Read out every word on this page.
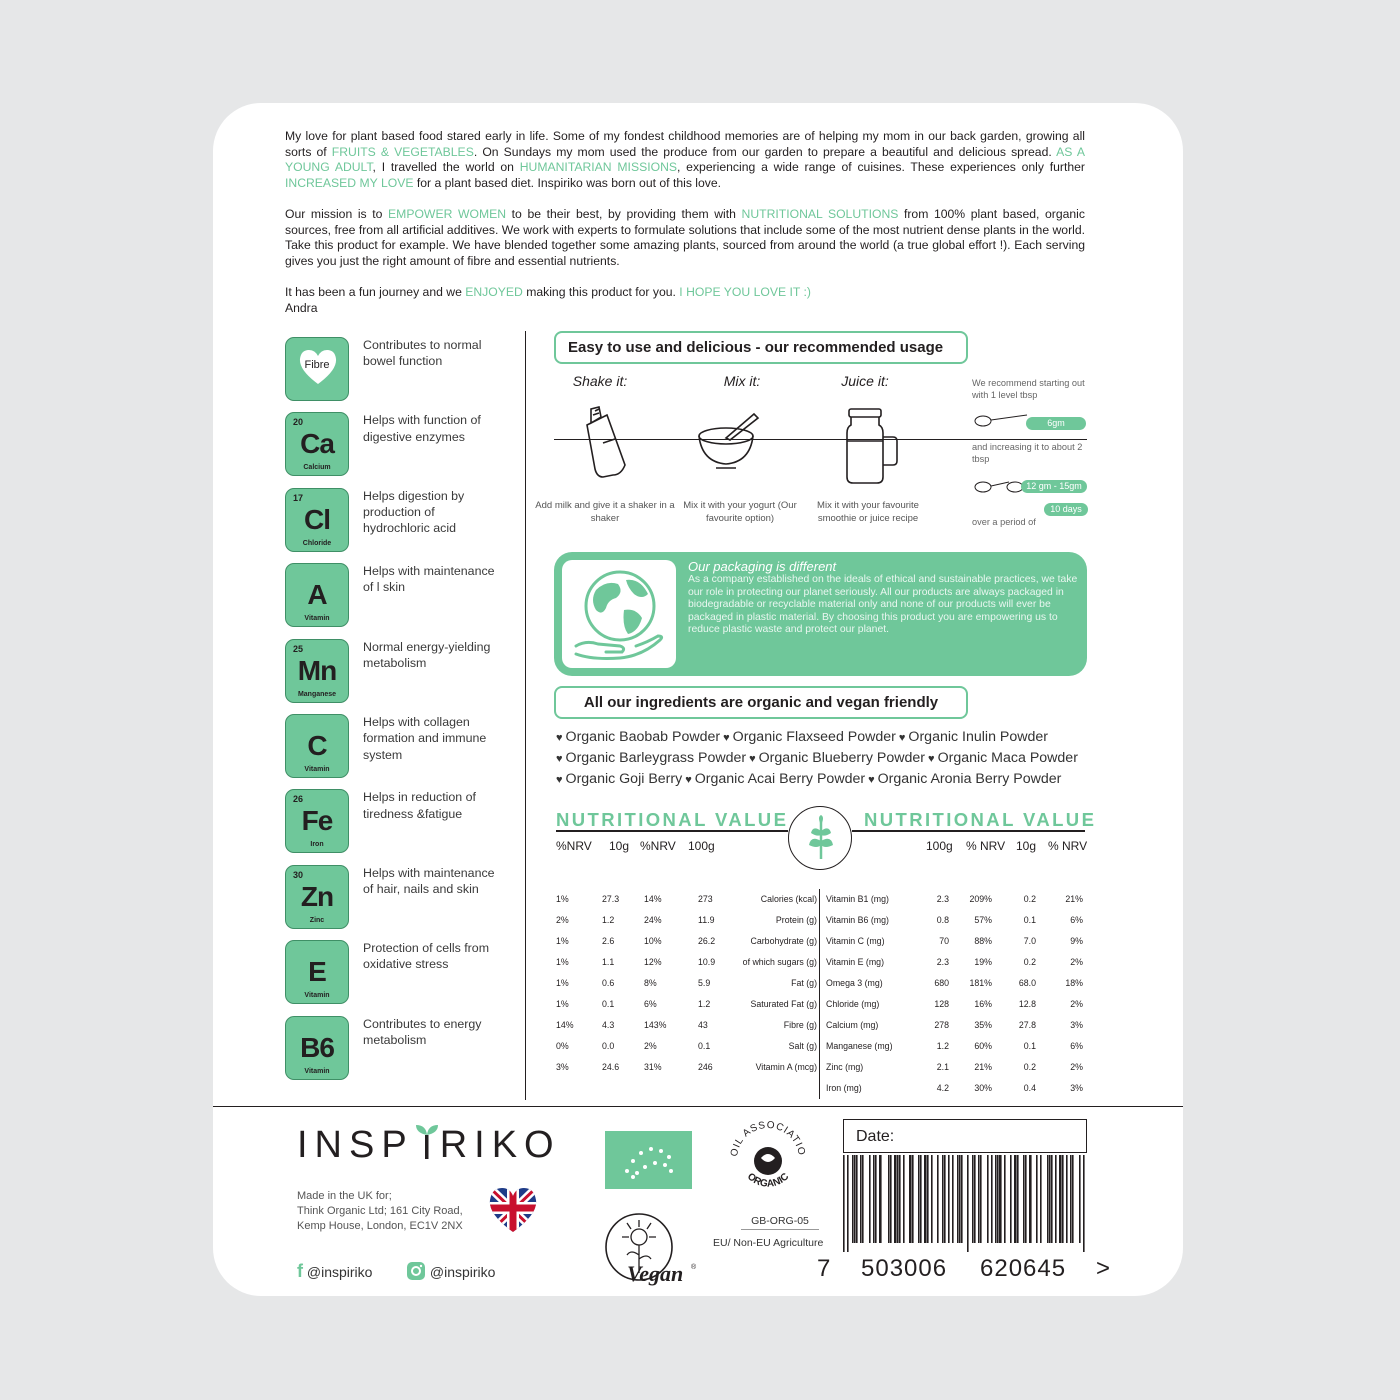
My love for plant based food stared early in life. Some of my fondest childhood memories are of helping my mom in our back garden, growing all sorts of FRUITS & VEGETABLES. On Sundays my mom used the produce from our garden to prepare a beautiful and delicious spread. AS A YOUNG ADULT, I travelled the world on HUMANITARIAN MISSIONS, experiencing a wide range of cuisines. These experiences only further INCREASED MY LOVE for a plant based diet. Inspiriko was born out of this love.

Our mission is to EMPOWER WOMEN to be their best, by providing them with NUTRITIONAL SOLUTIONS from 100% plant based, organic sources, free from all artificial additives. We work with experts to formulate solutions that include some of the most nutrient dense plants in the world. Take this product for example. We have blended together some amazing plants, sourced from around the world (a true global effort !). Each serving gives you just the right amount of fibre and essential nutrients.

It has been a fun journey and we ENJOYED making this product for you. I HOPE YOU LOVE IT :)
Andra

Fibre
Contributes to normal bowel function
20
Ca
Calcium
Helps with function of digestive enzymes
17
Cl
Chloride
Helps digestion by production of hydrochloric acid
A
Vitamin
Helps with maintenance of l skin
25
Mn
Manganese
Normal energy-yielding metabolism
C
Vitamin
Helps with collagen formation and immune system
26
Fe
Iron
Helps in reduction of tiredness &fatigue
30
Zn
Zinc
Helps with maintenance of hair, nails and skin
E
Vitamin
Protection of cells from oxidative stress
B6
Vitamin
Contributes to energy metabolism
Easy to use and delicious - our recommended usage
Shake it:	Mix it:	Juice it:
Add milk and give it a shaker in a shaker
Mix it with your yogurt (Our favourite option)
Mix it with your favourite smoothie or juice recipe
We recommend starting out with 1 level tbsp
6gm
and increasing it to about 2 tbsp
12 gm - 15gm
10 days
over a period of
Our packaging is different
As a company established on the ideals of ethical and sustainable practices, we take our role in protecting our planet seriously. All our products are always packaged in biodegradable or recyclable material only and none of our products will ever be packaged in plastic material. By choosing this product you are empowering us to reduce plastic waste and protect our planet.
All our ingredients are organic and vegan friendly
♥ Organic Baobab Powder ♥ Organic Flaxseed Powder ♥ Organic Inulin Powder
♥ Organic Barleygrass Powder ♥ Organic Blueberry Powder ♥ Organic Maca Powder
♥ Organic Goji Berry ♥ Organic Acai Berry Powder ♥ Organic Aronia Berry Powder
NUTRITIONAL VALUE	NUTRITIONAL VALUE
%NRV 10g %NRV 100g	100g % NRV 10g % NRV
1%	27.3	14%	273	Calories (kcal)
2%	1.2	24%	11.9	Protein (g)
1%	2.6	10%	26.2	Carbohydrate (g)
1%	1.1	12%	10.9	of which sugars (g)
1%	0.6	8%	5.9	Fat (g)
1%	0.1	6%	1.2	Saturated Fat (g)
14%	4.3	143%	43	Fibre (g)
0%	0.0	2%	0.1	Salt (g)
3%	24.6	31%	246	Vitamin A (mcg)
Vitamin B1 (mg)	2.3 209%	0.2	21%
Vitamin B6 (mg)	0.8	57%	0.1	6%
Vitamin C (mg)	70	88%	7.0	9%
Vitamin E (mg)	2.3	19%	0.2	2%
Omega 3 (mg)	680 181%	68.0	18%
Chloride (mg)	128	16%	12.8	2%
Calcium (mg)	278	35%	27.8	3%
Manganese (mg)	1.2	60%	0.1	6%
Zinc (mg)	2.1	21%	0.2	2%
Iron (mg)	4.2	30%	0.4	3%
INSP RIKO
Made in the UK for;
Think Organic Ltd; 161 City Road,
Kemp House, London, EC1V 2NX
f @inspiriko	@inspiriko
OIL ASSOCIATIO
ORGANIC
GB-ORG-05
EU/ Non-EU Agriculture
Vegan ®
Date:
7 503006 620645 >
